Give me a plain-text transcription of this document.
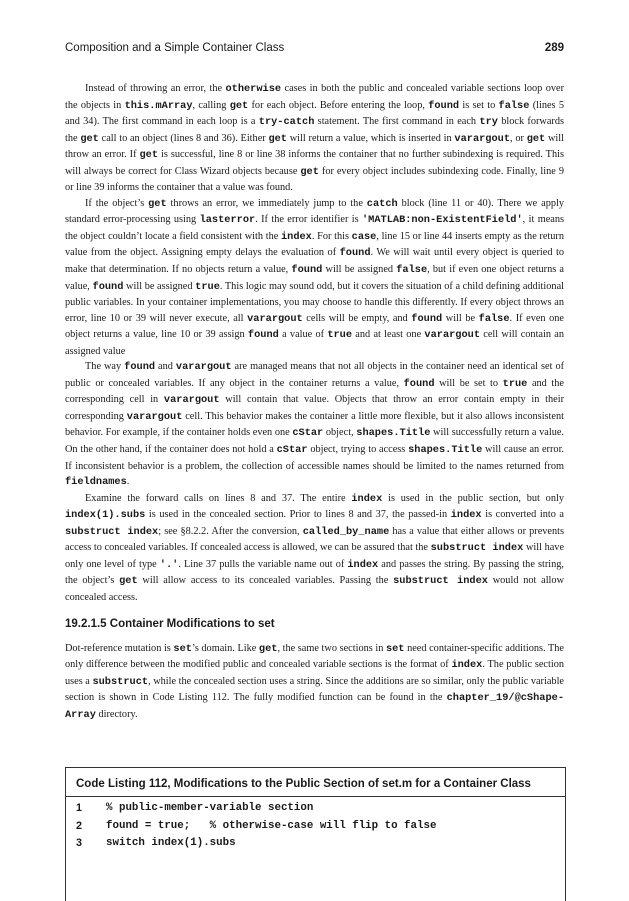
Composition and a Simple Container Class	289

Instead of throwing an error, the otherwise cases in both the public and concealed variable sections loop over the objects in this.mArray, calling get for each object. Before entering the loop, found is set to false (lines 5 and 34). The first command in each loop is a try-catch statement. The first command in each try block forwards the get call to an object (lines 8 and 36). Either get will return a value, which is inserted in varargout, or get will throw an error. If get is successful, line 8 or line 38 informs the container that no further subindexing is required. This will always be correct for Class Wizard objects because get for every object includes subindexing code. Finally, line 9 or line 39 informs the container that a value was found.

If the object’s get throws an error, we immediately jump to the catch block (line 11 or 40). There we apply standard error-processing using lasterror. If the error identifier is 'MATLAB:non-ExistentField', it means the object couldn’t locate a field consistent with the index. For this case, line 15 or line 44 inserts empty as the return value from the object. Assigning empty delays the evaluation of found. We will wait until every object is queried to make that determination. If no objects return a value, found will be assigned false, but if even one object returns a value, found will be assigned true. This logic may sound odd, but it covers the situation of a child defining additional public variables. In your container implementations, you may choose to handle this differently. If every object throws an error, line 10 or 39 will never execute, all varargout cells will be empty, and found will be false. If even one object returns a value, line 10 or 39 assign found a value of true and at least one varargout cell will contain an assigned value

The way found and varargout are managed means that not all objects in the container need an identical set of public or concealed variables. If any object in the container returns a value, found will be set to true and the corresponding cell in varargout will contain that value. Objects that throw an error contain empty in their corresponding varargout cell. This behavior makes the container a little more flexible, but it also allows inconsistent behavior. For example, if the container holds even one cStar object, shapes.Title will successfully return a value. On the other hand, if the container does not hold a cStar object, trying to access shapes.Title will cause an error. If inconsistent behavior is a problem, the collection of accessible names should be limited to the names returned from fieldnames.

Examine the forward calls on lines 8 and 37. The entire index is used in the public section, but only index(1).subs is used in the concealed section. Prior to lines 8 and 37, the passed-in index is converted into a substruct index; see §8.2.2. After the conversion, called_by_name has a value that either allows or prevents access to concealed variables. If concealed access is allowed, we can be assured that the substruct index will have only one level of type '.'. Line 37 pulls the variable name out of index and passes the string. By passing the string, the object’s get will allow access to its concealed variables. Passing the substruct index would not allow concealed access.

19.2.1.5 Container Modifications to set

Dot-reference mutation is set’s domain. Like get, the same two sections in set need container-specific additions. The only difference between the modified public and concealed variable sections is the format of index. The public section uses a substruct, while the concealed section uses a string. Since the additions are so similar, only the public variable section is shown in Code Listing 112. The fully modified function can be found in the chapter_19/@cShape-Array directory.

Code Listing 112, Modifications to the Public Section of set.m for a Container Class
1	% public-member-variable section
2	found = true;   % otherwise-case will flip to false
3	switch index(1).subs
